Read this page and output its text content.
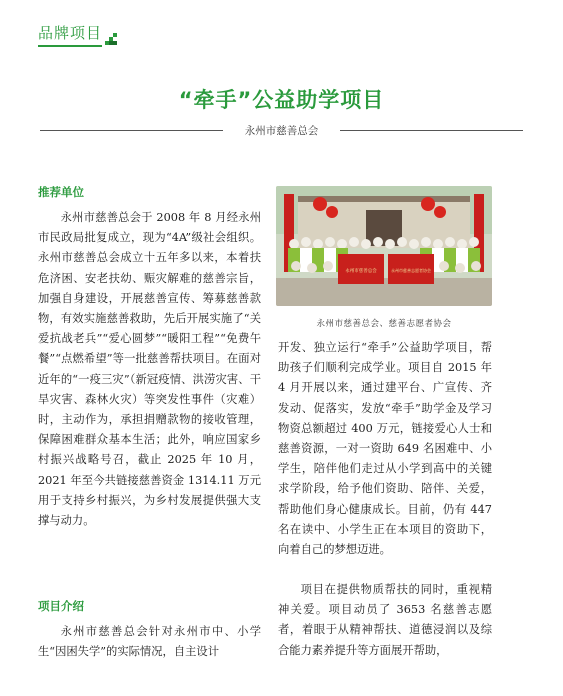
品牌项目
“牵手”公益助学项目
永州市慈善总会
推荐单位

永州市慈善总会于 2008 年 8 月经永州市民政局批复成立，现为“4A”级社会组织。永州市慈善总会成立十五年多以来，本着扶危济困、安老扶幼、赈灾解难的慈善宗旨，加强自身建设，开展慈善宣传、筹募慈善款物，有效实施慈善救助，先后开展实施了“关爱抗战老兵”“爱心圆梦”“暖阳工程”“免费午餐”“点燃希望”等一批慈善帮扶项目。在面对近年的“一疫三灾”（新冠疫情、洪涝灾害、干旱灾害、森林火灾）等突发性事件（灾难）时，主动作为，承担捐赠款物的接收管理，保障困难群众基本生活；此外，响应国家乡村振兴战略号召，截止 2025 年 10 月，2021 年至今共链接慈善资金 1314.11 万元用于支持乡村振兴，为乡村发展提供强大支撑与动力。

项目介绍

永州市慈善总会针对永州市中、小学生“因困失学”的实际情况，自主设计

永州市慈善总会	永州市慈善志愿者协会
永州市慈善总会、慈善志愿者协会

开发、独立运行“牵手”公益助学项目，帮助孩子们顺利完成学业。项目自 2015 年 4 月开展以来，通过建平台、广宣传、齐发动、促落实，发放“牵手”助学金及学习物资总额超过 400 万元，链接爱心人士和慈善资源，一对一资助 649 名困难中、小学生，陪伴他们走过从小学到高中的关键求学阶段，给予他们资助、陪伴、关爱，帮助他们身心健康成长。目前，仍有 447 名在读中、小学生正在本项目的资助下，向着自己的梦想迈进。

项目在提供物质帮扶的同时，重视精神关爱。项目动员了 3653 名慈善志愿者，着眼于从精神帮扶、道德浸润以及综合能力素养提升等方面展开帮助，
